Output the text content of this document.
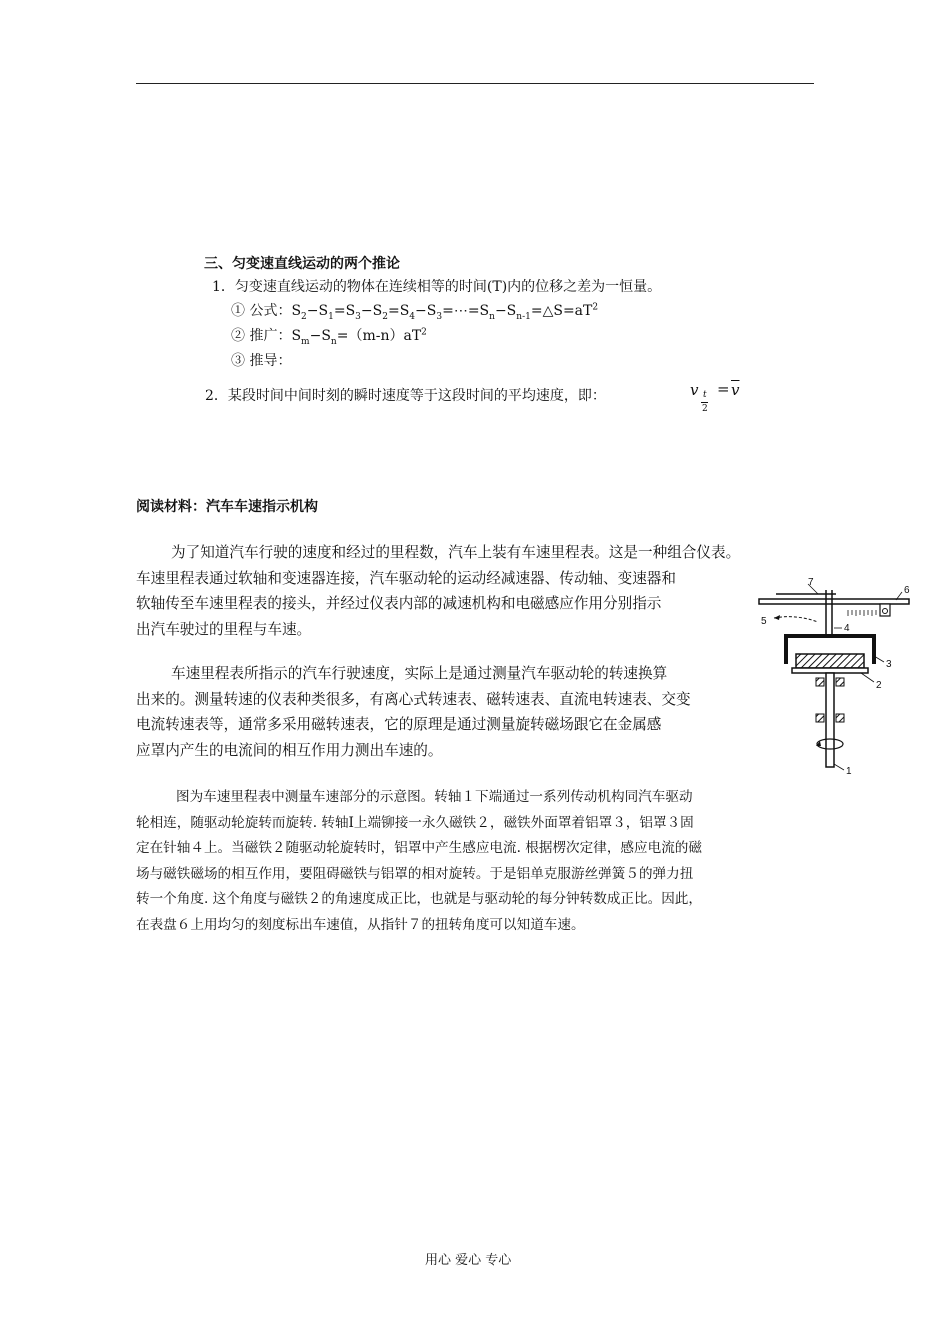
三、匀变速直线运动的两个推论
1．匀变速直线运动的物体在连续相等的时间(T)内的位移之差为一恒量。
① 公式：$S_2-S_1=S_3-S_2=S_4-S_3=\cdots=S_n-S_{n-1}=\triangle S=aT^2$
② 推广：$S_m-S_n=(m-n)aT^2$
③ 推导：
2．某段时间中间时刻的瞬时速度等于这段时间的平均速度，即：	v t
2
= $\overline{v}$
阅读材料：汽车车速指示机构
为了知道汽车行驶的速度和经过的里程数，汽车上装有车速里程表。这是一种组合仪表。
车速里程表通过软轴和变速器连接，汽车驱动轮的运动经减速器、传动轴、变速器和
软轴传至车速里程表的接头，并经过仪表内部的减速机构和电磁感应作用分别指示
出汽车驶过的里程与车速。
车速里程表所指示的汽车行驶速度，实际上是通过测量汽车驱动轮的转速换算
出来的。测量转速的仪表种类很多，有离心式转速表、磁转速表、直流电转速表、交变
电流转速表等，通常多采用磁转速表，它的原理是通过测量旋转磁场跟它在金属感
应罩内产生的电流间的相互作用力测出车速的。
图为车速里程表中测量车速部分的示意图。转轴１下端通过一系列传动机构同汽车驱动
轮相连，随驱动轮旋转而旋转. 转轴Ⅰ上端铆接一永久磁铁２，磁铁外面罩着铝罩３，铝罩３固
定在针轴４上。当磁铁２随驱动轮旋转时，铝罩中产生感应电流. 根据楞次定律，感应电流的磁
场与磁铁磁场的相互作用，要阻碍磁铁与铝罩的相对旋转。于是铝单克服游丝弹簧５的弹力扭
转一个角度. 这个角度与磁铁２的角速度成正比，也就是与驱动轮的每分钟转数成正比。因此，
在表盘６上用均匀的刻度标出车速值，从指针７的扭转角度可以知道车速。
7
6
5
4
3
2
1
用心 爱心 专心
